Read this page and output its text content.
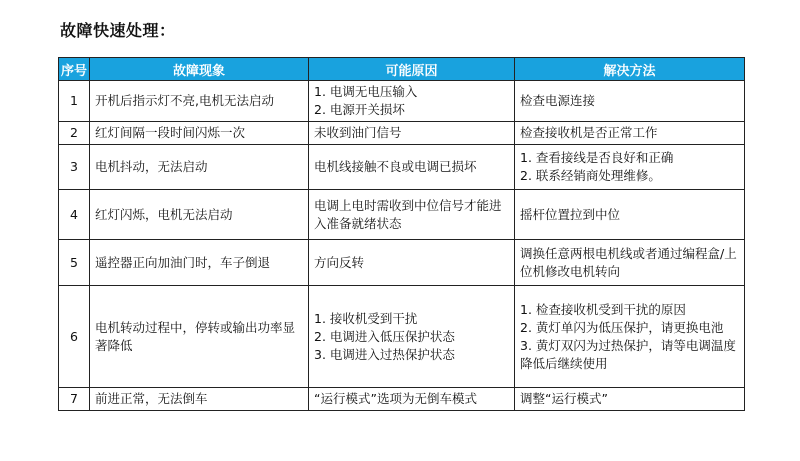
故障快速处理：
序号	故障现象	可能原因	解决方法
1	开机后指示灯不亮,电机无法启动	1. 电调无电压输入
2. 电源开关损坏	检查电源连接

2	红灯间隔一段时间闪烁一次	未收到油门信号	检查接收机是否正常工作

3	电机抖动，无法启动	电机线接触不良或电调已损坏	1. 查看接线是否良好和正确
2. 联系经销商处理维修。

4	红灯闪烁，电机无法启动	电调上电时需收到中位信号才能进入准备就绪状态	摇杆位置拉到中位

5	遥控器正向加油门时，车子倒退	方向反转	调换任意两根电机线或者通过编程盒/上位机修改电机转向
6	电机转动过程中，停转或输出功率显著降低	1. 接收机受到干扰
2. 电调进入低压保护状态
3. 电调进入过热保护状态	1. 检查接收机受到干扰的原因
2. 黄灯单闪为低压保护，请更换电池
3. 黄灯双闪为过热保护，请等电调温度降低后继续使用

7	前进正常，无法倒车	“运行模式”选项为无倒车模式	调整“运行模式”
